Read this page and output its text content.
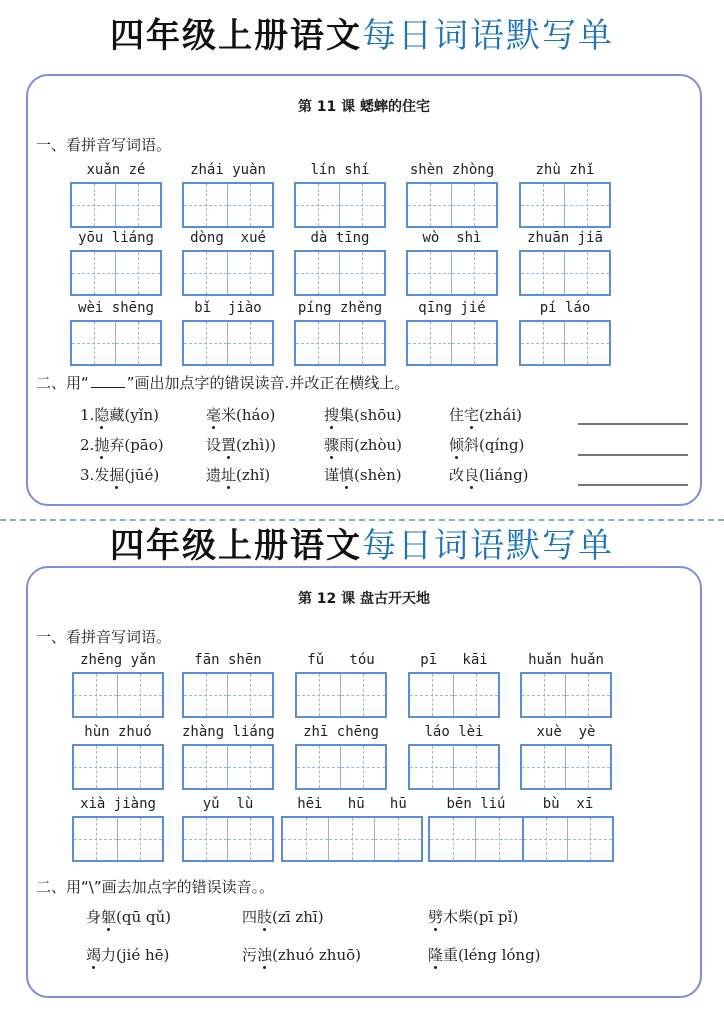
四年级上册语文每日词语默写单
第 11 课 蟋蟀的住宅
一、看拼音写词语。
xuǎn zé	zhái yuàn	lín shí	shèn zhòng	zhù zhǐ
yōu liáng	dòng  xué	dà tīng	wò  shì	zhuān jiā
wèi shēng	bǐ  jiào	píng zhěng	qīng jié	pí láo
二、用“	”画出加点字的错误读音.并改正在横线上。
1.隐藏(yǐn)	毫米(háo)	搜集(shōu)	住宅(zhái)
2.抛弃(pāo)	设置(zhì))	骤雨(zhòu)	倾斜(qíng)
3.发掘(jūé)	遗址(zhǐ)	谨慎(shèn)	改良(liáng)
四年级上册语文每日词语默写单
第 12 课 盘古开天地
一、看拼音写词语。
zhēng yǎn	fān shēn	fǔ   tóu	pī   kāi	huǎn huǎn
hùn zhuó	zhàng liáng	zhī chēng	láo lèi	xuè  yè
xià jiàng	yǔ  lù	hēi   hū   hū	bēn liú	bù  xī
二、用“\”画去加点字的错误读音。。
身躯(qū qǔ)	四肢(zī zhī)	劈木柴(pī pǐ)
竭力(jié hē)	污浊(zhuó zhuō)	隆重(léng lóng)
